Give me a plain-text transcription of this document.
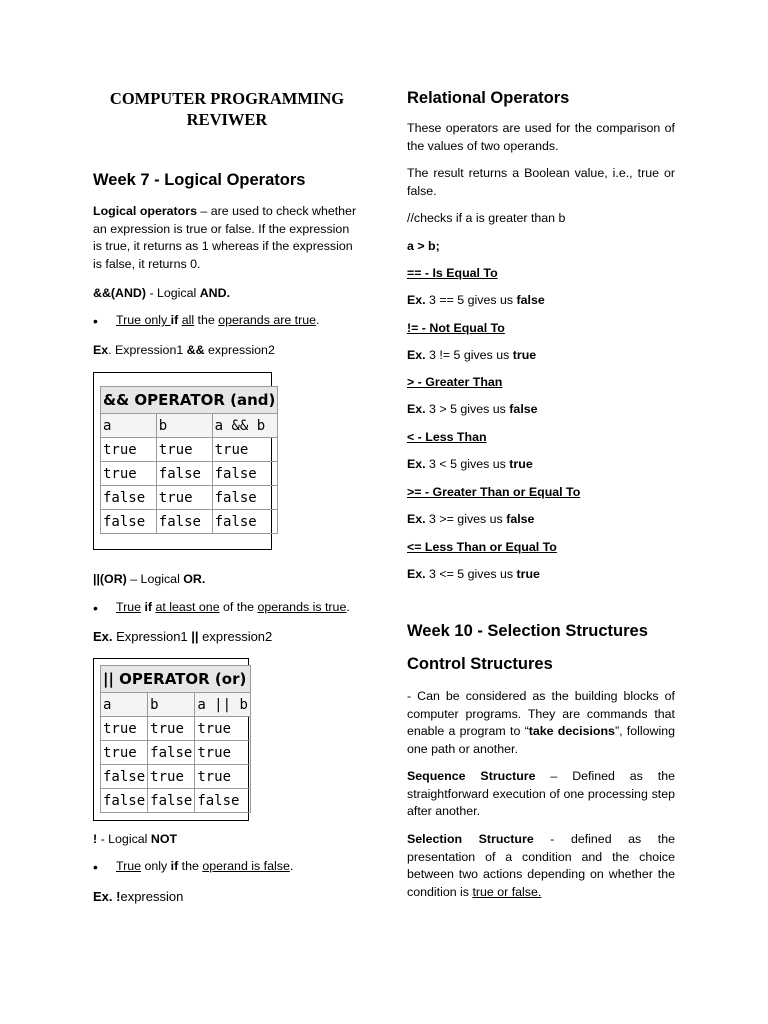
COMPUTER PROGRAMMING
REVIWER
Week 7 - Logical Operators

Logical operators – are used to check whether an expression is true or false. If the expression is true, it returns as 1 whereas if the expression is false, it returns 0.

&&(AND) - Logical AND.

• True only if all the operands are true.

Ex. Expression1 && expression2

&& OPERATOR (and)		
a	b	a && b
true	true	true
true	false	false
false	true	false
false	false	false

||(OR) – Logical OR.

• True if at least one of the operands is true.

Ex. Expression1 || expression2

|| OPERATOR (or)		
a	b	a || b
true	true	true
true	false	true
false	true	true
false	false	false

! - Logical NOT

• True only if the operand is false.

Ex. !expression

Relational Operators

These operators are used for the comparison of the values of two operands.

The result returns a Boolean value, i.e., true or false.

//checks if a is greater than b

a > b;

== - Is Equal To

Ex. 3 == 5 gives us false

!= - Not Equal To

Ex. 3 != 5 gives us true

> - Greater Than

Ex. 3 > 5 gives us false

< - Less Than

Ex. 3 < 5 gives us true

>= - Greater Than or Equal To

Ex. 3 >= gives us false

<= Less Than or Equal To

Ex. 3 <= 5 gives us true

Week 10 - Selection Structures
Control Structures

- Can be considered as the building blocks of computer programs. They are commands that enable a program to “take decisions”, following one path or another.

Sequence Structure – Defined as the straightforward execution of one processing step after another.

Selection Structure - defined as the presentation of a condition and the choice between two actions depending on whether the condition is true or false.
